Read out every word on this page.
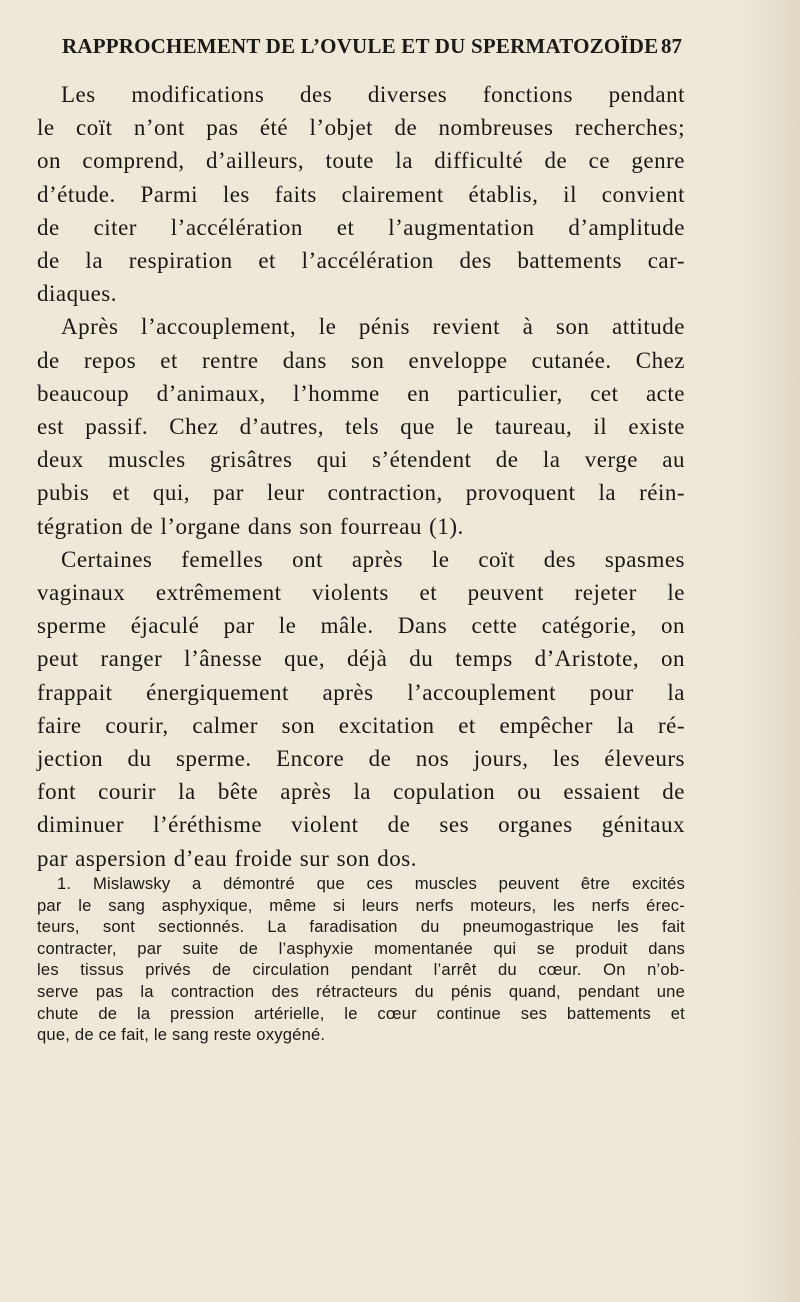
RAPPROCHEMENT DE L’OVULE ET DU SPERMATOZOÏDE 87
Les modifications des diverses fonctions pendant
le coït n’ont pas été l’objet de nombreuses recherches;
on comprend, d’ailleurs, toute la difficulté de ce genre
d’étude. Parmi les faits clairement établis, il convient
de citer l’accélération et l’augmentation d’amplitude
de la respiration et l’accélération des battements car-
diaques.
Après l’accouplement, le pénis revient à son attitude
de repos et rentre dans son enveloppe cutanée. Chez
beaucoup d’animaux, l’homme en particulier, cet acte
est passif. Chez d’autres, tels que le taureau, il existe
deux muscles grisâtres qui s’étendent de la verge au
pubis et qui, par leur contraction, provoquent la réin-
tégration de l’organe dans son fourreau (1).
Certaines femelles ont après le coït des spasmes
vaginaux extrêmement violents et peuvent rejeter le
sperme éjaculé par le mâle. Dans cette catégorie, on
peut ranger l’ânesse que, déjà du temps d’Aristote, on
frappait énergiquement après l’accouplement pour la
faire courir, calmer son excitation et empêcher la ré-
jection du sperme. Encore de nos jours, les éleveurs
font courir la bête après la copulation ou essaient de
diminuer l’éréthisme violent de ses organes génitaux
par aspersion d’eau froide sur son dos.
1. Mislawsky a démontré que ces muscles peuvent être excités
par le sang asphyxique, même si leurs nerfs moteurs, les nerfs érec-
teurs, sont sectionnés. La faradisation du pneumogastrique les fait
contracter, par suite de l’asphyxie momentanée qui se produit dans
les tissus privés de circulation pendant l’arrêt du cœur. On n’ob-
serve pas la contraction des rétracteurs du pénis quand, pendant une
chute de la pression artérielle, le cœur continue ses battements et
que, de ce fait, le sang reste oxygéné.
